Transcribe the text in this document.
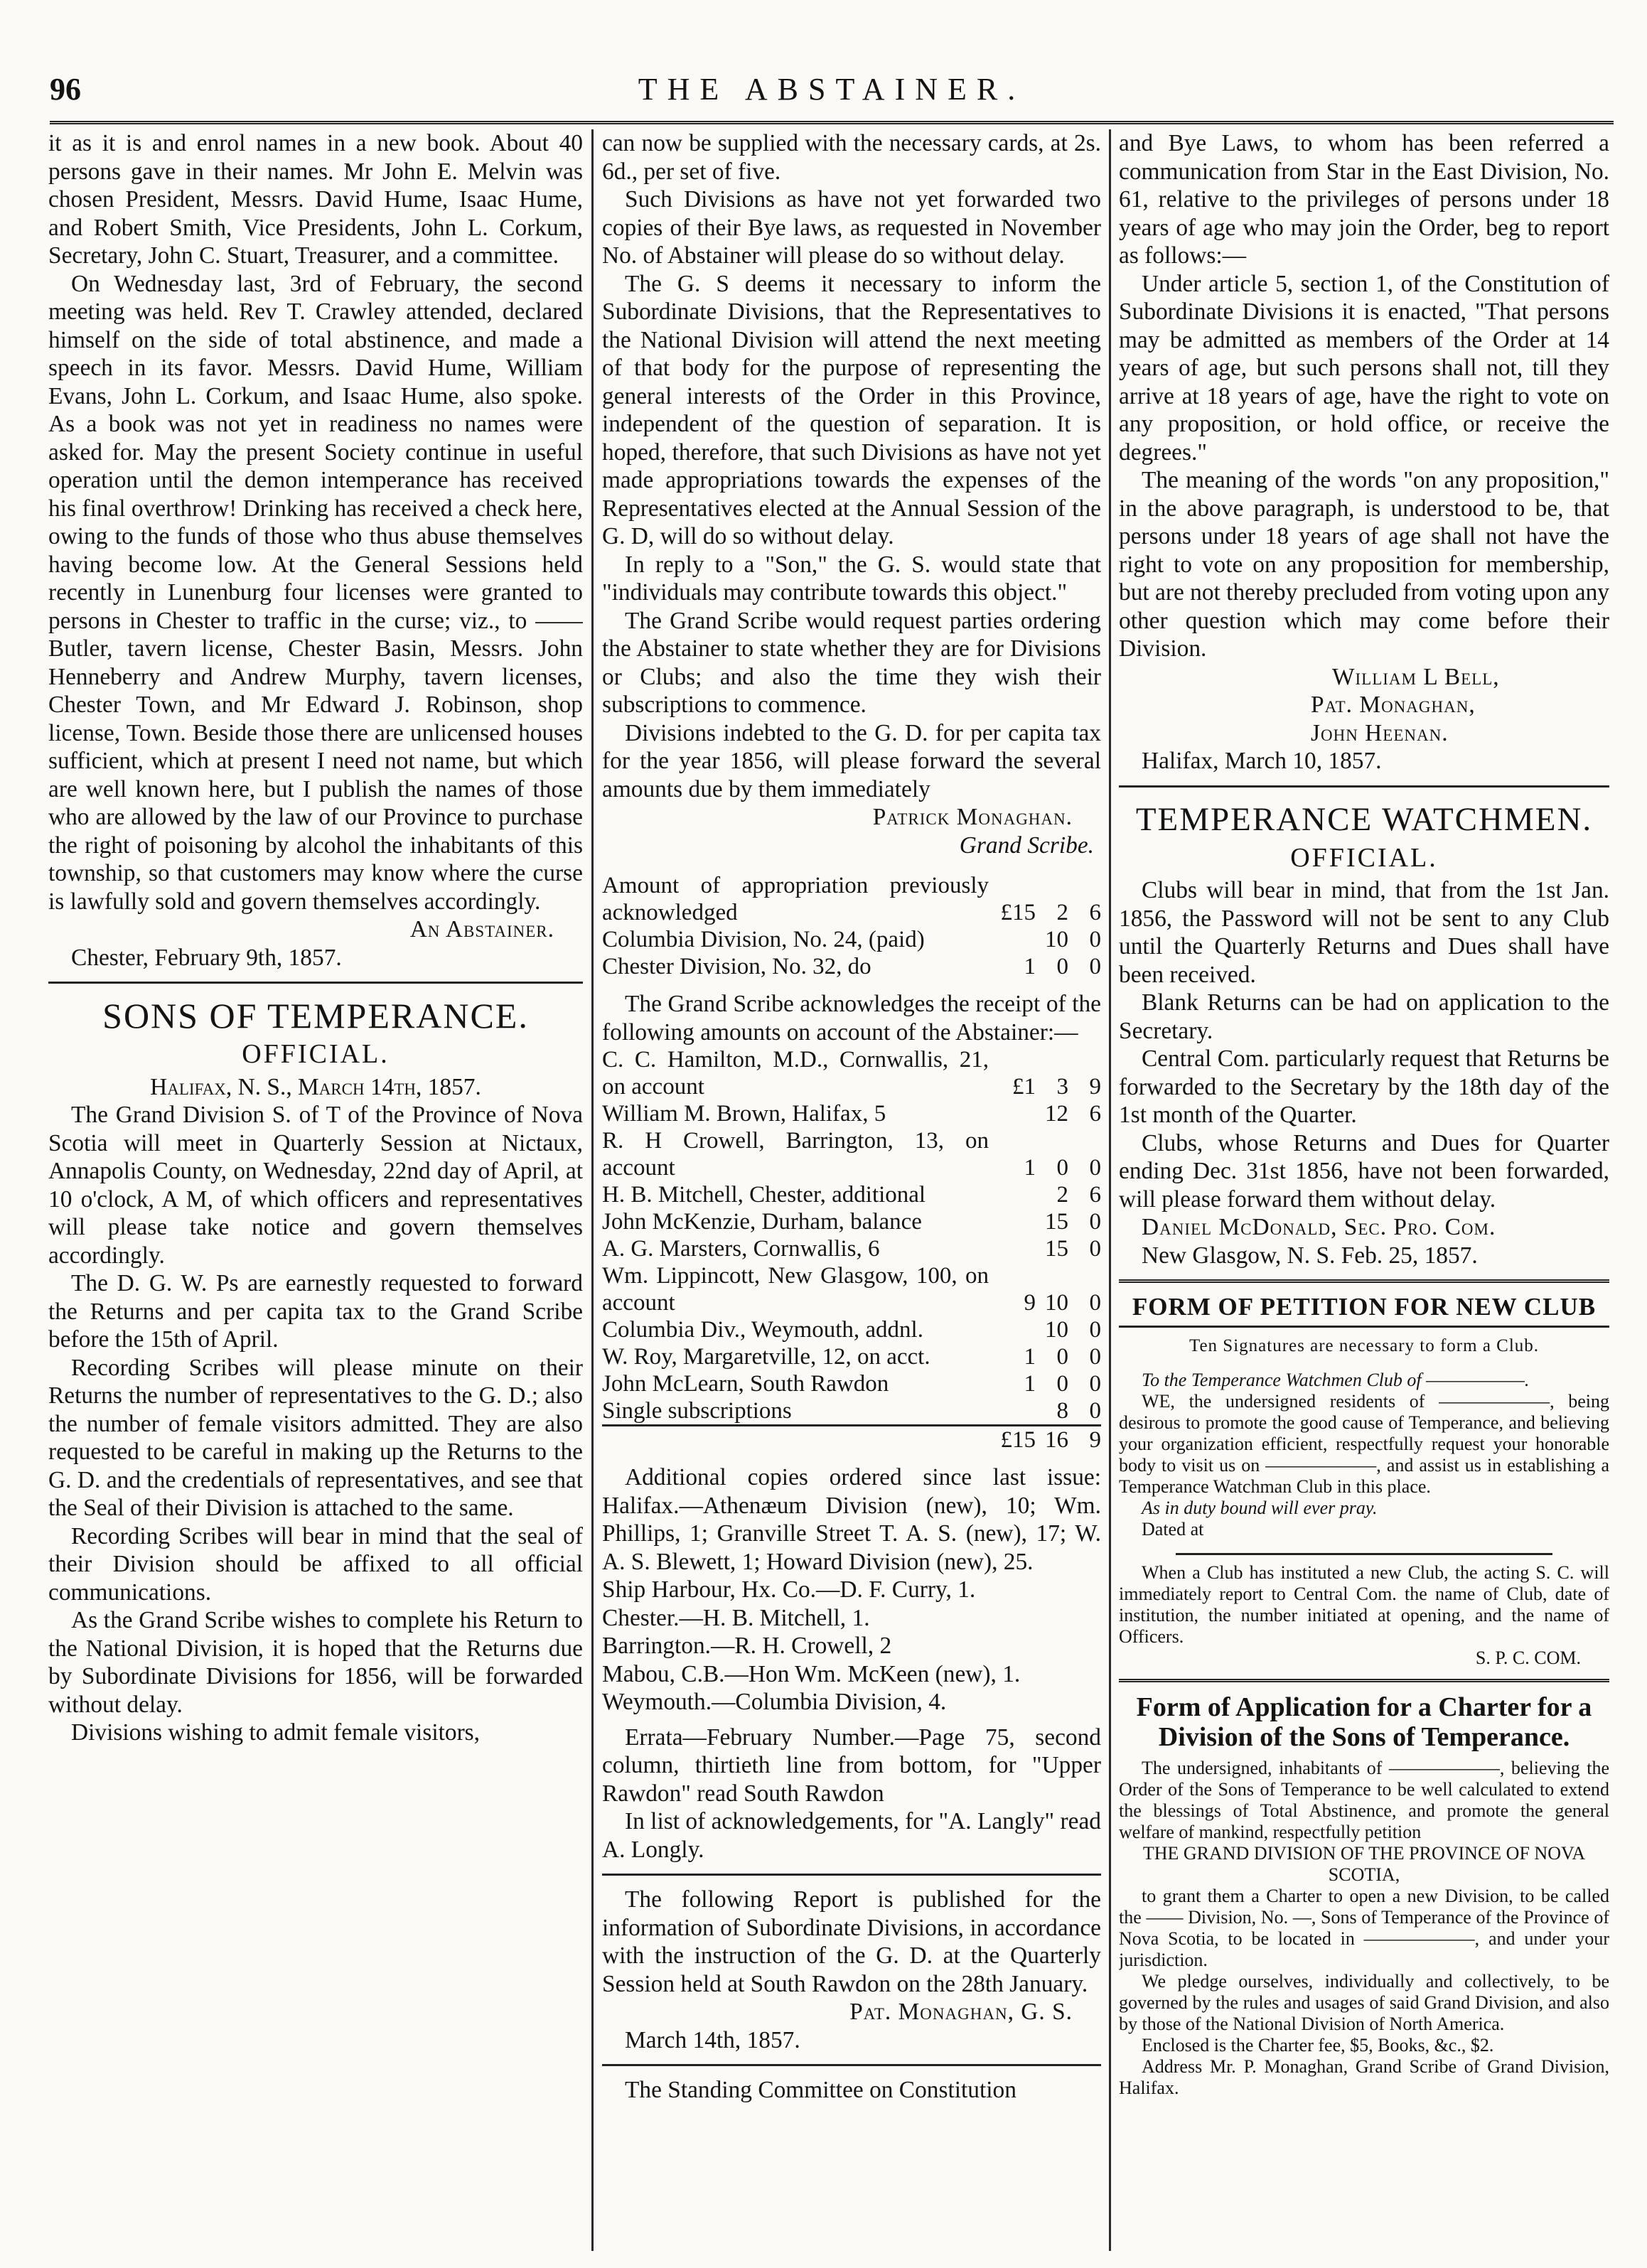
96	THE ABSTAINER.

it as it is and enrol names in a new book. About 40 persons gave in their names. Mr John E. Melvin was chosen President, Messrs. David Hume, Isaac Hume, and Robert Smith, Vice Presidents, John L. Corkum, Secretary, John C. Stuart, Treasurer, and a committee.

On Wednesday last, 3rd of February, the second meeting was held. Rev T. Crawley attended, declared himself on the side of total abstinence, and made a speech in its favor. Messrs. David Hume, William Evans, John L. Corkum, and Isaac Hume, also spoke. As a book was not yet in readiness no names were asked for. May the present Society continue in useful operation until the demon intemperance has received his final overthrow! Drinking has received a check here, owing to the funds of those who thus abuse themselves having become low. At the General Sessions held recently in Lunenburg four licenses were granted to persons in Chester to traffic in the curse; viz., to —— Butler, tavern license, Chester Basin, Messrs. John Henneberry and Andrew Murphy, tavern licenses, Chester Town, and Mr Edward J. Robinson, shop license, Town. Beside those there are unlicensed houses sufficient, which at present I need not name, but which are well known here, but I publish the names of those who are allowed by the law of our Province to purchase the right of poisoning by alcohol the inhabitants of this township, so that customers may know where the curse is lawfully sold and govern themselves accordingly.

An Abstainer.

Chester, February 9th, 1857.

SONS OF TEMPERANCE.
OFFICIAL.

Halifax, N. S., March 14th, 1857.

The Grand Division S. of T of the Province of Nova Scotia will meet in Quarterly Session at Nictaux, Annapolis County, on Wednesday, 22nd day of April, at 10 o'clock, A M, of which officers and representatives will please take notice and govern themselves accordingly.

The D. G. W. Ps are earnestly requested to forward the Returns and per capita tax to the Grand Scribe before the 15th of April.

Recording Scribes will please minute on their Returns the number of representatives to the G. D.; also the number of female visitors admitted. They are also requested to be careful in making up the Returns to the G. D. and the credentials of representatives, and see that the Seal of their Division is attached to the same.

Recording Scribes will bear in mind that the seal of their Division should be affixed to all official communications.

As the Grand Scribe wishes to complete his Return to the National Division, it is hoped that the Returns due by Subordinate Divisions for 1856, will be forwarded without delay.

Divisions wishing to admit female visitors,

can now be supplied with the necessary cards, at 2s. 6d., per set of five.

Such Divisions as have not yet forwarded two copies of their Bye laws, as requested in November No. of Abstainer will please do so without delay.

The G. S deems it necessary to inform the Subordinate Divisions, that the Representatives to the National Division will attend the next meeting of that body for the purpose of representing the general interests of the Order in this Province, independent of the question of separation. It is hoped, therefore, that such Divisions as have not yet made appropriations towards the expenses of the Representatives elected at the Annual Session of the G. D, will do so without delay.

In reply to a "Son," the G. S. would state that "individuals may contribute towards this object."

The Grand Scribe would request parties ordering the Abstainer to state whether they are for Divisions or Clubs; and also the time they wish their subscriptions to commence.

Divisions indebted to the G. D. for per capita tax for the year 1856, will please forward the several amounts due by them immediately

Patrick Monaghan.

Grand Scribe.

Amount of appropriation previously acknowledged	£15	2	6
Columbia Division, No. 24, (paid)		10	0
Chester Division, No. 32, do	1	0	0

The Grand Scribe acknowledges the receipt of the following amounts on account of the Abstainer:—

C. C. Hamilton, M.D., Cornwallis, 21, on account	£1	3	9
William M. Brown, Halifax, 5		12	6
R. H Crowell, Barrington, 13, on account	1	0	0
H. B. Mitchell, Chester, additional		2	6
John McKenzie, Durham, balance		15	0
A. G. Marsters, Cornwallis, 6		15	0
Wm. Lippincott, New Glasgow, 100, on account	9	10	0
Columbia Div., Weymouth, addnl.		10	0
W. Roy, Margaretville, 12, on acct.	1	0	0
John McLearn, South Rawdon	1	0	0
Single subscriptions		8	0
	£15	16	9

Additional copies ordered since last issue: Halifax.—Athenæum Division (new), 10; Wm. Phillips, 1; Granville Street T. A. S. (new), 17; W. A. S. Blewett, 1; Howard Division (new), 25.

Ship Harbour, Hx. Co.—D. F. Curry, 1.

Chester.—H. B. Mitchell, 1.

Barrington.—R. H. Crowell, 2

Mabou, C.B.—Hon Wm. McKeen (new), 1.

Weymouth.—Columbia Division, 4.

Errata—February Number.—Page 75, second column, thirtieth line from bottom, for "Upper Rawdon" read South Rawdon

In list of acknowledgements, for "A. Langly" read A. Longly.

The following Report is published for the information of Subordinate Divisions, in accordance with the instruction of the G. D. at the Quarterly Session held at South Rawdon on the 28th January.

Pat. Monaghan, G. S.

March 14th, 1857.

The Standing Committee on Constitution

and Bye Laws, to whom has been referred a communication from Star in the East Division, No. 61, relative to the privileges of persons under 18 years of age who may join the Order, beg to report as follows:—

Under article 5, section 1, of the Constitution of Subordinate Divisions it is enacted, "That persons may be admitted as members of the Order at 14 years of age, but such persons shall not, till they arrive at 18 years of age, have the right to vote on any proposition, or hold office, or receive the degrees."

The meaning of the words "on any proposition," in the above paragraph, is understood to be, that persons under 18 years of age shall not have the right to vote on any proposition for membership, but are not thereby precluded from voting upon any other question which may come before their Division.

William L Bell,

Pat. Monaghan,

John Heenan.

Halifax, March 10, 1857.

TEMPERANCE WATCHMEN.
OFFICIAL.

Clubs will bear in mind, that from the 1st Jan. 1856, the Password will not be sent to any Club until the Quarterly Returns and Dues shall have been received.

Blank Returns can be had on application to the Secretary.

Central Com. particularly request that Returns be forwarded to the Secretary by the 18th day of the 1st month of the Quarter.

Clubs, whose Returns and Dues for Quarter ending Dec. 31st 1856, have not been forwarded, will please forward them without delay.

Daniel McDonald, Sec. Pro. Com.

New Glasgow, N. S. Feb. 25, 1857.

FORM OF PETITION FOR NEW CLUB
Ten Signatures are necessary to form a Club.

To the Temperance Watchmen Club of ——————.

WE, the undersigned residents of ——————, being desirous to promote the good cause of Temperance, and believing your organization efficient, respectfully request your honorable body to visit us on ——————, and assist us in establishing a Temperance Watchman Club in this place.

As in duty bound will ever pray.

Dated at

When a Club has instituted a new Club, the acting S. C. will immediately report to Central Com. the name of Club, date of institution, the number initiated at opening, and the name of Officers.

S. P. C. COM.

Form of Application for a Charter for a Division of the Sons of Temperance.

The undersigned, inhabitants of ——————, believing the Order of the Sons of Temperance to be well calculated to extend the blessings of Total Abstinence, and promote the general welfare of mankind, respectfully petition

THE GRAND DIVISION OF THE PROVINCE OF NOVA SCOTIA,

to grant them a Charter to open a new Division, to be called the —— Division, No. —, Sons of Temperance of the Province of Nova Scotia, to be located in ——————, and under your jurisdiction.

We pledge ourselves, individually and collectively, to be governed by the rules and usages of said Grand Division, and also by those of the National Division of North America.

Enclosed is the Charter fee, $5, Books, &c., $2.

Address Mr. P. Monaghan, Grand Scribe of Grand Division, Halifax.
